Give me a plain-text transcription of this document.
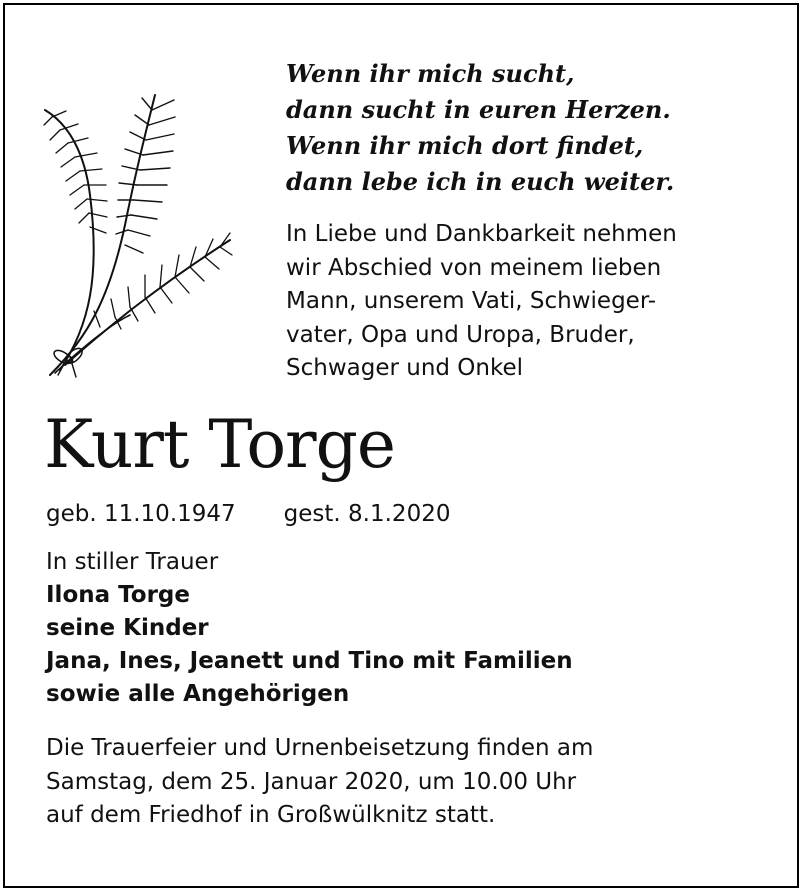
Wenn ihr mich sucht,
dann sucht in euren Herzen.
Wenn ihr mich dort findet,
dann lebe ich in euch weiter.
In Liebe und Dankbarkeit nehmen
wir Abschied von meinem lieben
Mann, unserem Vati, Schwieger-
vater, Opa und Uropa, Bruder,
Schwager und Onkel
Kurt Torge
geb. 11.10.1947 gest. 8.1.2020
In stiller Trauer
Ilona Torge
seine Kinder
Jana, Ines, Jeanett und Tino mit Familien
sowie alle Angehörigen
Die Trauerfeier und Urnenbeisetzung finden am
Samstag, dem 25. Januar 2020, um 10.00 Uhr
auf dem Friedhof in Großwülknitz statt.
